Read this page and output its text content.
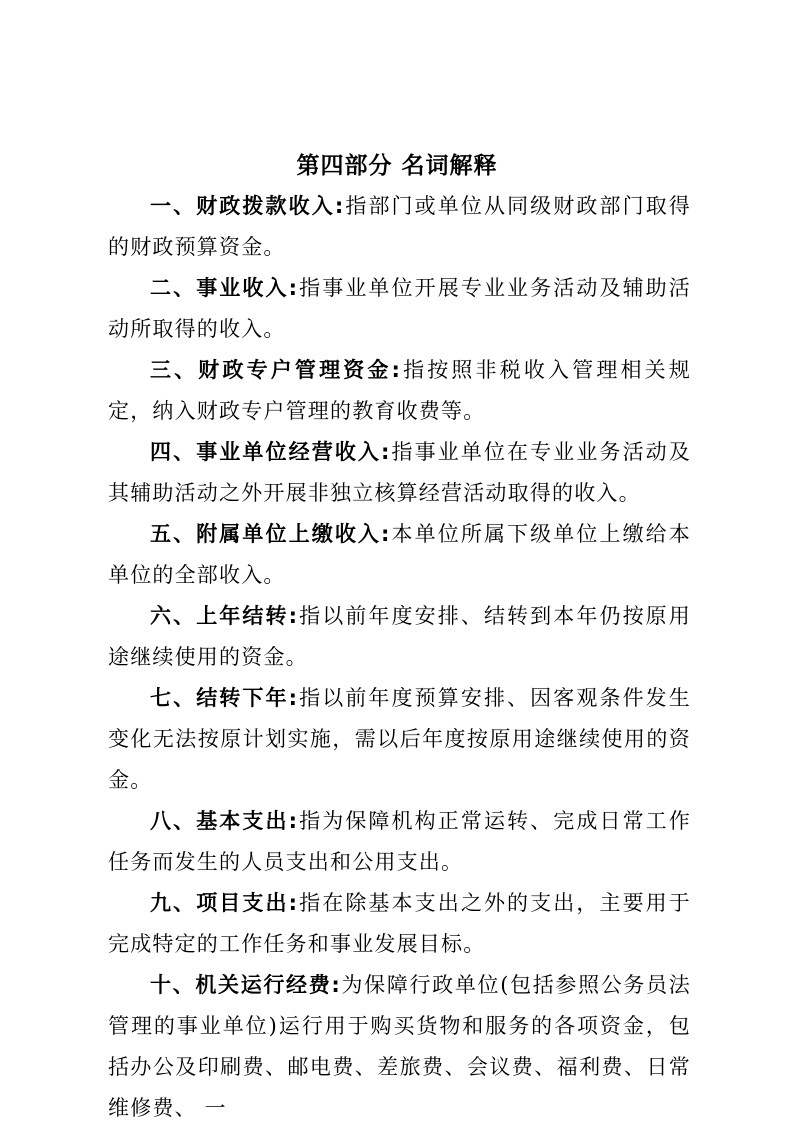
第四部分 名词解释

一、财政拨款收入:指部门或单位从同级财政部门取得的财政预算资金。

二、事业收入:指事业单位开展专业业务活动及辅助活动所取得的收入。

三、财政专户管理资金:指按照非税收入管理相关规定，纳入财政专户管理的教育收费等。

四、事业单位经营收入:指事业单位在专业业务活动及其辅助活动之外开展非独立核算经营活动取得的收入。

五、附属单位上缴收入:本单位所属下级单位上缴给本单位的全部收入。

六、上年结转:指以前年度安排、结转到本年仍按原用途继续使用的资金。

七、结转下年:指以前年度预算安排、因客观条件发生变化无法按原计划实施，需以后年度按原用途继续使用的资金。

八、基本支出:指为保障机构正常运转、完成日常工作任务而发生的人员支出和公用支出。

九、项目支出:指在除基本支出之外的支出，主要用于完成特定的工作任务和事业发展目标。

十、机关运行经费:为保障行政单位(包括参照公务员法管理的事业单位)运行用于购买货物和服务的各项资金，包括办公及印刷费、邮电费、差旅费、会议费、福利费、日常维修费、 一
